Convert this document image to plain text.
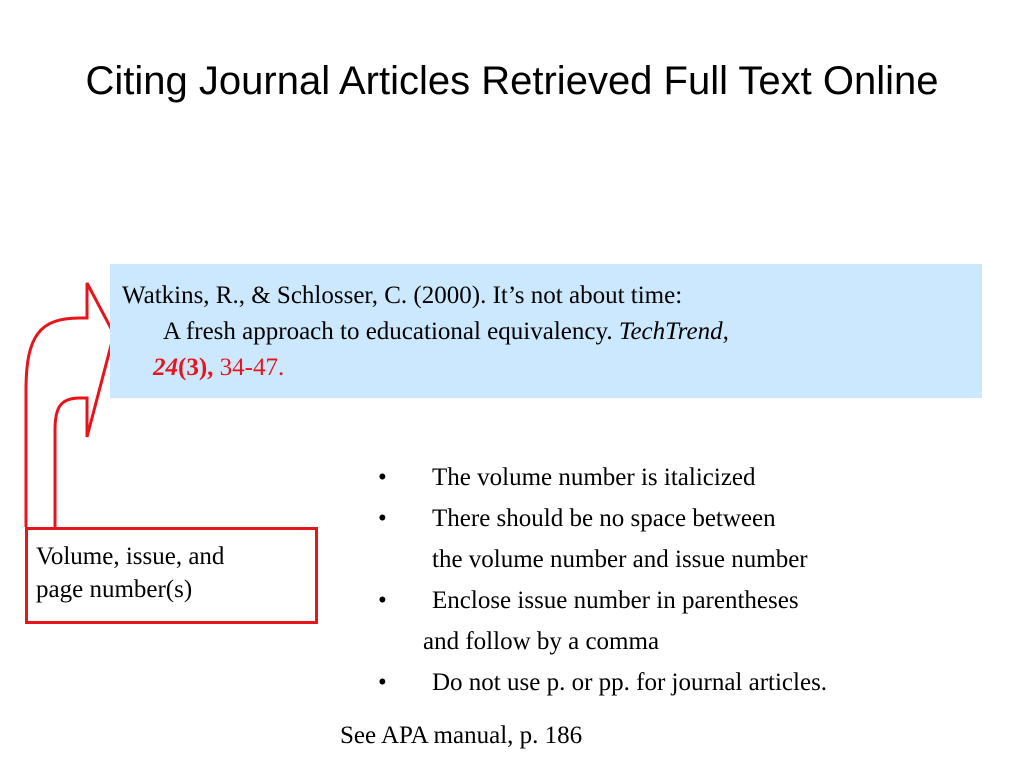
Citing Journal Articles Retrieved Full Text Online
Watkins, R., & Schlosser, C. (2000). It’s not about time:
A fresh approach to educational equivalency. TechTrend,
24(3), 34-47.
Volume, issue, and
page number(s)
• The volume number is italicized
• There should be no space between
the volume number and issue number
• Enclose issue number in parentheses
and follow by a comma
• Do not use p. or pp. for journal articles.
See APA manual, p. 186
